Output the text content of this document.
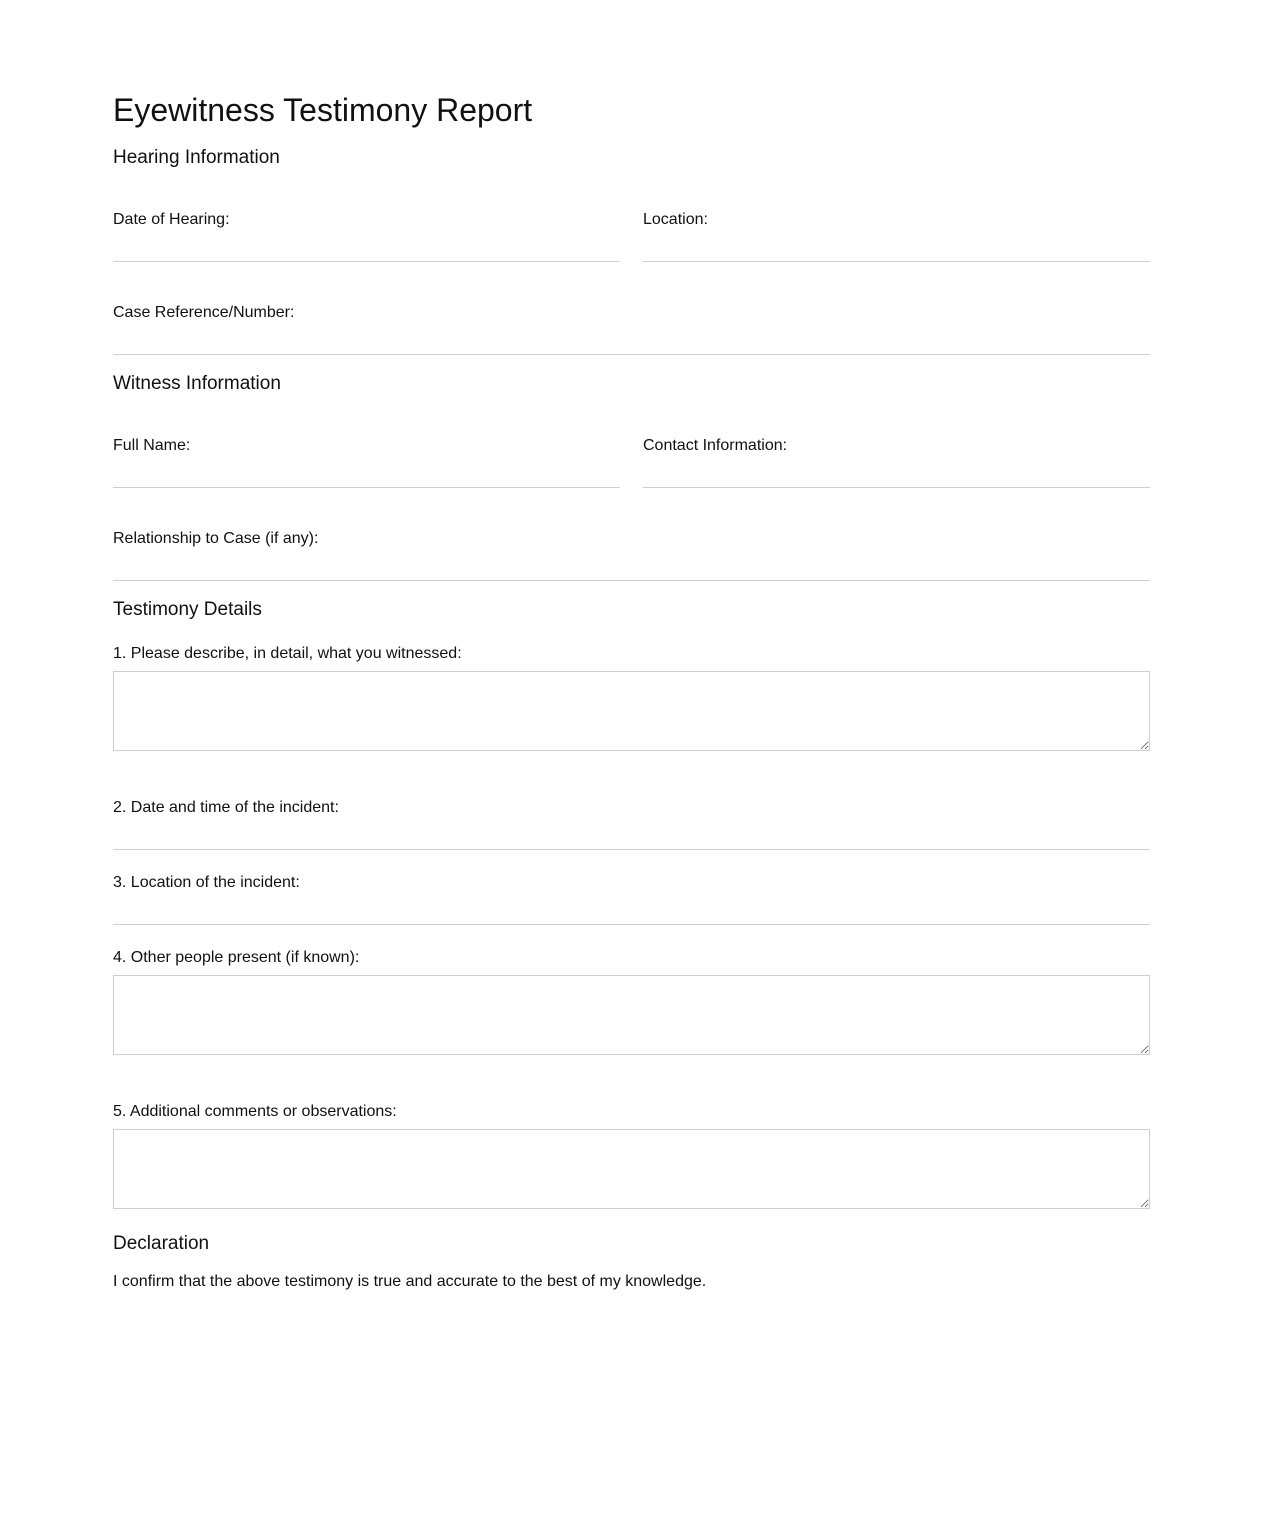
Eyewitness Testimony Report
Hearing Information
Date of Hearing:	Location:
Case Reference/Number:
Witness Information
Full Name:	Contact Information:
Relationship to Case (if any):
Testimony Details
1. Please describe, in detail, what you witnessed:
2. Date and time of the incident:
3. Location of the incident:
4. Other people present (if known):
5. Additional comments or observations:
Declaration

I confirm that the above testimony is true and accurate to the best of my knowledge.
